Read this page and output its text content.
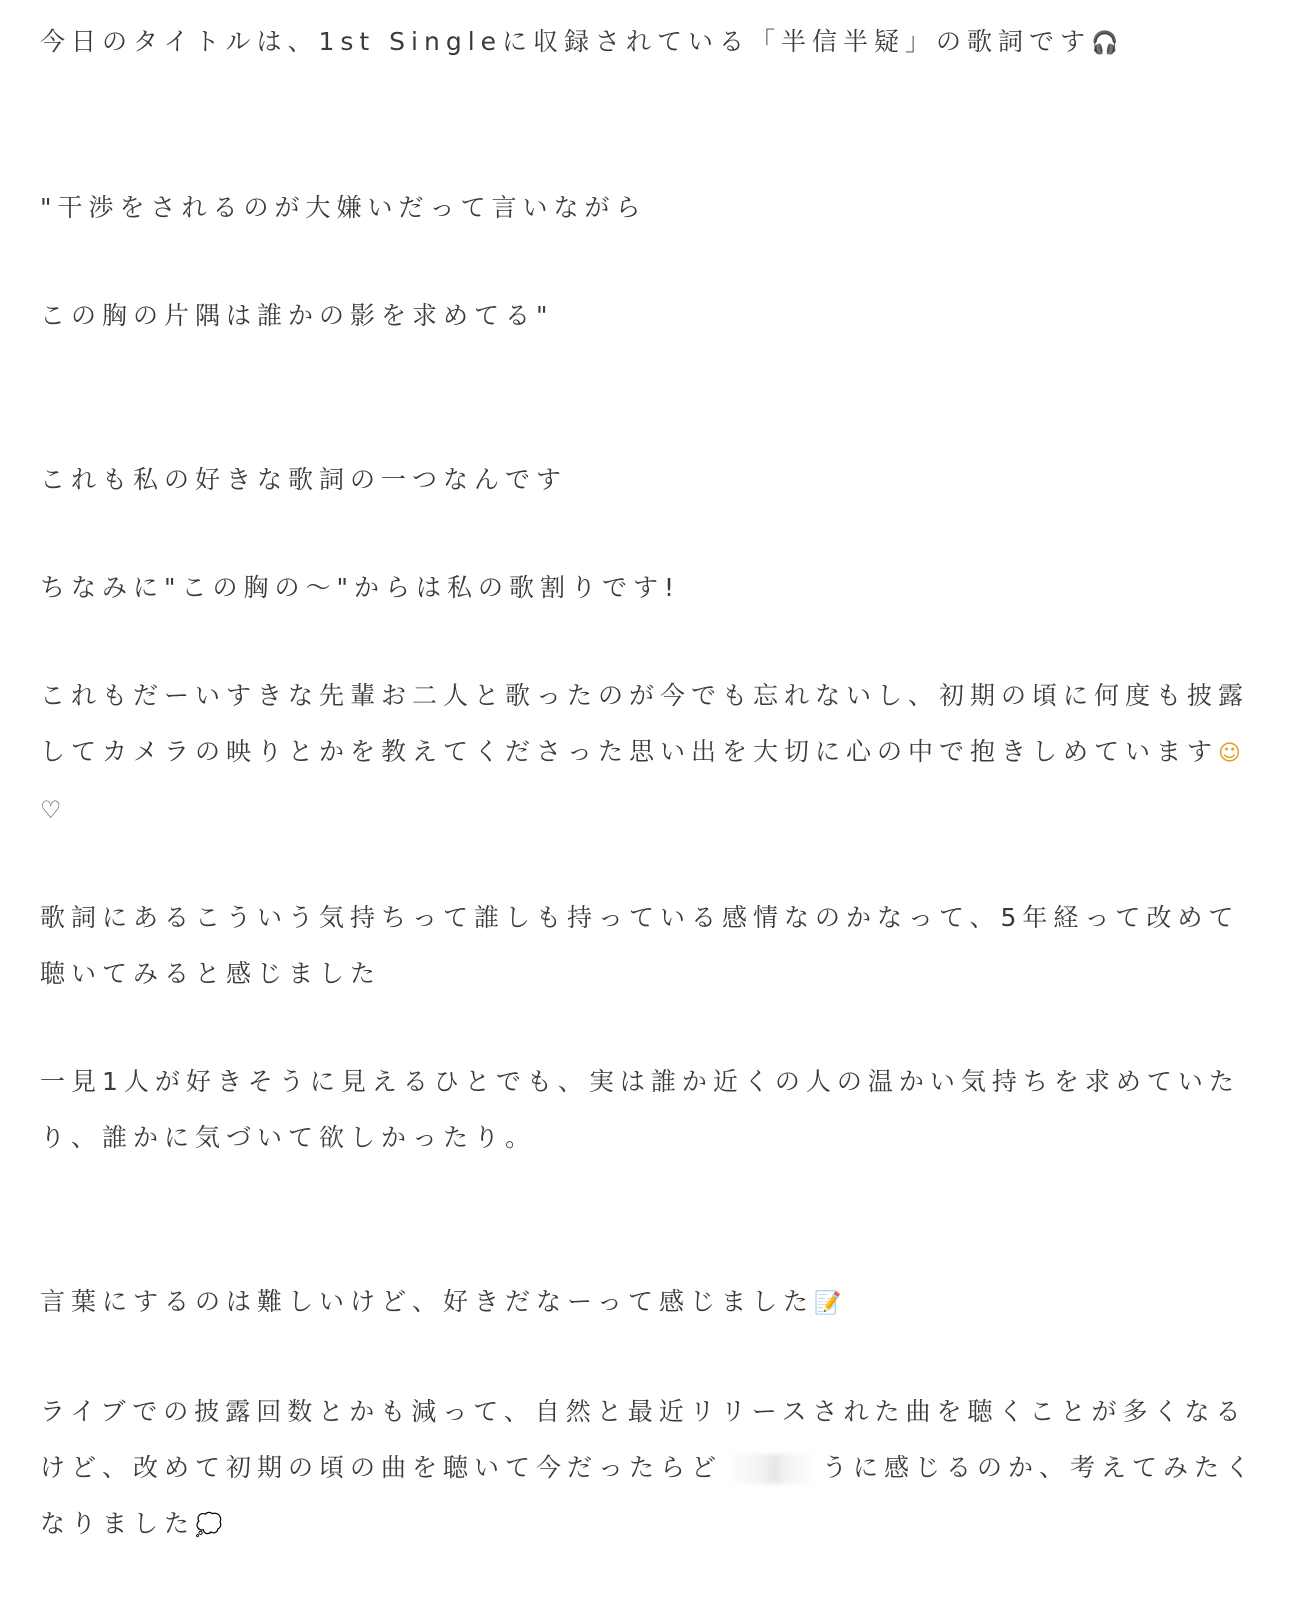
今日のタイトルは、1st Singleに収録されている「半信半疑」の歌詞です🎧

"干渉をされるのが大嫌いだって言いながら

この胸の片隅は誰かの影を求めてる"

これも私の好きな歌詞の一つなんです

ちなみに"この胸の〜"からは私の歌割りです!

これもだーいすきな先輩お二人と歌ったのが今でも忘れないし、初期の頃に何度も披露してカメラの映りとかを教えてくださった思い出を大切に心の中で抱きしめています☺♡

歌詞にあるこういう気持ちって誰しも持っている感情なのかなって、5年経って改めて聴いてみると感じました

一見1人が好きそうに見えるひとでも、実は誰か近くの人の温かい気持ちを求めていたり、誰かに気づいて欲しかったり。

言葉にするのは難しいけど、好きだなーって感じました📝

ライブでの披露回数とかも減って、自然と最近リリースされた曲を聴くことが多くなるけど、改めて初期の頃の曲を聴いて今だったらど	うに感じるのか、考えてみたくなりました💭
